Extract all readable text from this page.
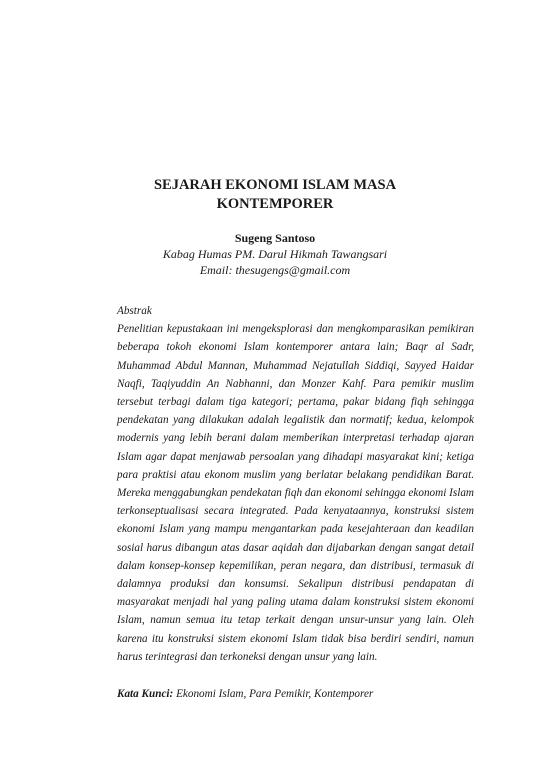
SEJARAH EKONOMI ISLAM MASA
KONTEMPORER
Sugeng Santoso
Kabag Humas PM. Darul Hikmah Tawangsari
Email: thesugengs@gmail.com
Abstrak
Penelitian kepustakaan ini mengeksplorasi dan mengkomparasikan pemikiran beberapa tokoh ekonomi Islam kontemporer antara lain; Baqr al Sadr, Muhammad Abdul Mannan, Muhammad Nejatullah Siddiqi, Sayyed Haidar Naqfi, Taqiyuddin An Nabhanni, dan Monzer Kahf. Para pemikir muslim tersebut terbagi dalam tiga kategori; pertama, pakar bidang fiqh sehingga pendekatan yang dilakukan adalah legalistik dan normatif; kedua, kelompok modernis yang lebih berani dalam memberikan interpretasi terhadap ajaran Islam agar dapat menjawab persoalan yang dihadapi masyarakat kini; ketiga para praktisi atau ekonom muslim yang berlatar belakang pendidikan Barat. Mereka menggabungkan pendekatan fiqh dan ekonomi sehingga ekonomi Islam terkonseptualisasi secara integrated. Pada kenyataannya, konstruksi sistem ekonomi Islam yang mampu mengantarkan pada kesejahteraan dan keadilan sosial harus dibangun atas dasar aqidah dan dijabarkan dengan sangat detail dalam konsep-konsep kepemilikan, peran negara, dan distribusi, termasuk di dalamnya produksi dan konsumsi. Sekalipun distribusi pendapatan di masyarakat menjadi hal yang paling utama dalam konstruksi sistem ekonomi Islam, namun semua itu tetap terkait dengan unsur-unsur yang lain. Oleh karena itu konstruksi sistem ekonomi Islam tidak bisa berdiri sendiri, namun harus terintegrasi dan terkoneksi dengan unsur yang lain.
Kata Kunci: Ekonomi Islam, Para Pemikir, Kontemporer
